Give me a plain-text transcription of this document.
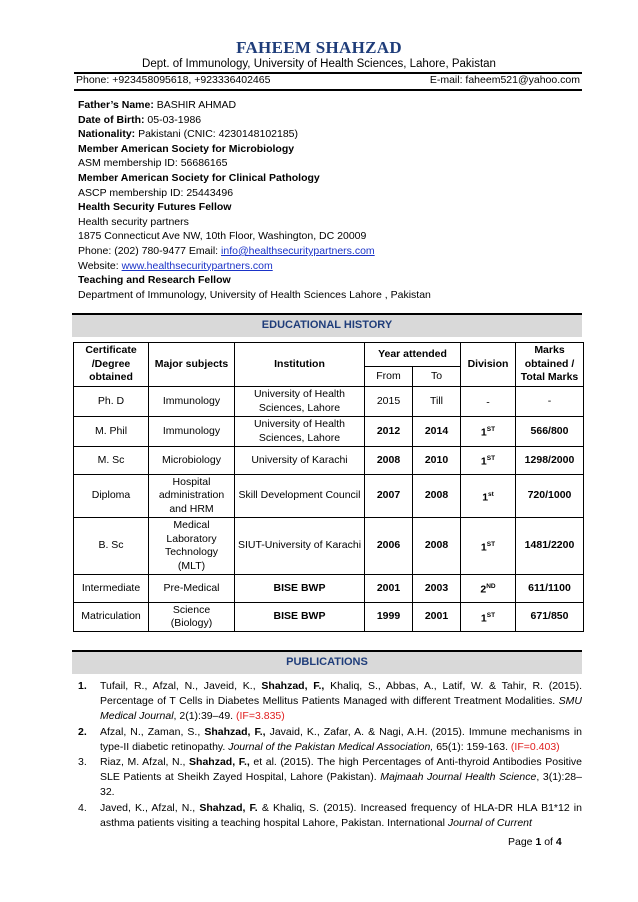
FAHEEM SHAHZAD
Dept. of Immunology, University of Health Sciences, Lahore, Pakistan
Phone: +923458095618, +923336402465	E-mail: faheem521@yahoo.com
Father’s Name: BASHIR AHMAD
Date of Birth: 05-03-1986
Nationality: Pakistani (CNIC: 4230148102185)
Member American Society for Microbiology
ASM membership ID: 56686165
Member American Society for Clinical Pathology
ASCP membership ID: 25443496
Health Security Futures Fellow
Health security partners
1875 Connecticut Ave NW, 10th Floor, Washington, DC 20009
Phone: (202) 780-9477 Email: info@healthsecuritypartners.com
Website: www.healthsecuritypartners.com
Teaching and Research Fellow
Department of Immunology, University of Health Sciences Lahore , Pakistan
EDUCATIONAL HISTORY
Certificate /Degree obtained	Major subjects	Institution	Year attended		Division	Marks obtained / Total Marks
			From	To		
Ph. D	Immunology	University of Health Sciences, Lahore	2015	Till	-	-
M. Phil	Immunology	University of Health Sciences, Lahore	2012	2014	1ST	566/800
M. Sc	Microbiology	University of Karachi	2008	2010	1ST	1298/2000
Diploma	Hospital administration and HRM	Skill Development Council	2007	2008	1st	720/1000
B. Sc	Medical Laboratory Technology (MLT)	SIUT-University of Karachi	2006	2008	1ST	1481/2200
Intermediate	Pre-Medical	BISE BWP	2001	2003	2ND	611/1100
Matriculation	Science (Biology)	BISE BWP	1999	2001	1ST	671/850
PUBLICATIONS
1.	Tufail, R., Afzal, N., Javeid, K., Shahzad, F., Khaliq, S., Abbas, A., Latif, W. & Tahir, R. (2015). Percentage of T Cells in Diabetes Mellitus Patients Managed with different Treatment Modalities. SMU Medical Journal, 2(1):39–49. (IF=3.835)
2.	Afzal, N., Zaman, S., Shahzad, F., Javaid, K., Zafar, A. & Nagi, A.H. (2015). Immune mechanisms in type-II diabetic retinopathy. Journal of the Pakistan Medical Association, 65(1): 159-163. (IF=0.403)
3.	Riaz, M. Afzal, N., Shahzad, F., et al. (2015). The high Percentages of Anti-thyroid Antibodies Positive SLE Patients at Sheikh Zayed Hospital, Lahore (Pakistan). Majmaah Journal Health Science, 3(1):28–32.
4.	Javed, K., Afzal, N., Shahzad, F. & Khaliq, S. (2015). Increased frequency of HLA-DR HLA B1*12 in asthma patients visiting a teaching hospital Lahore, Pakistan. International Journal of Current
Page 1 of 4
